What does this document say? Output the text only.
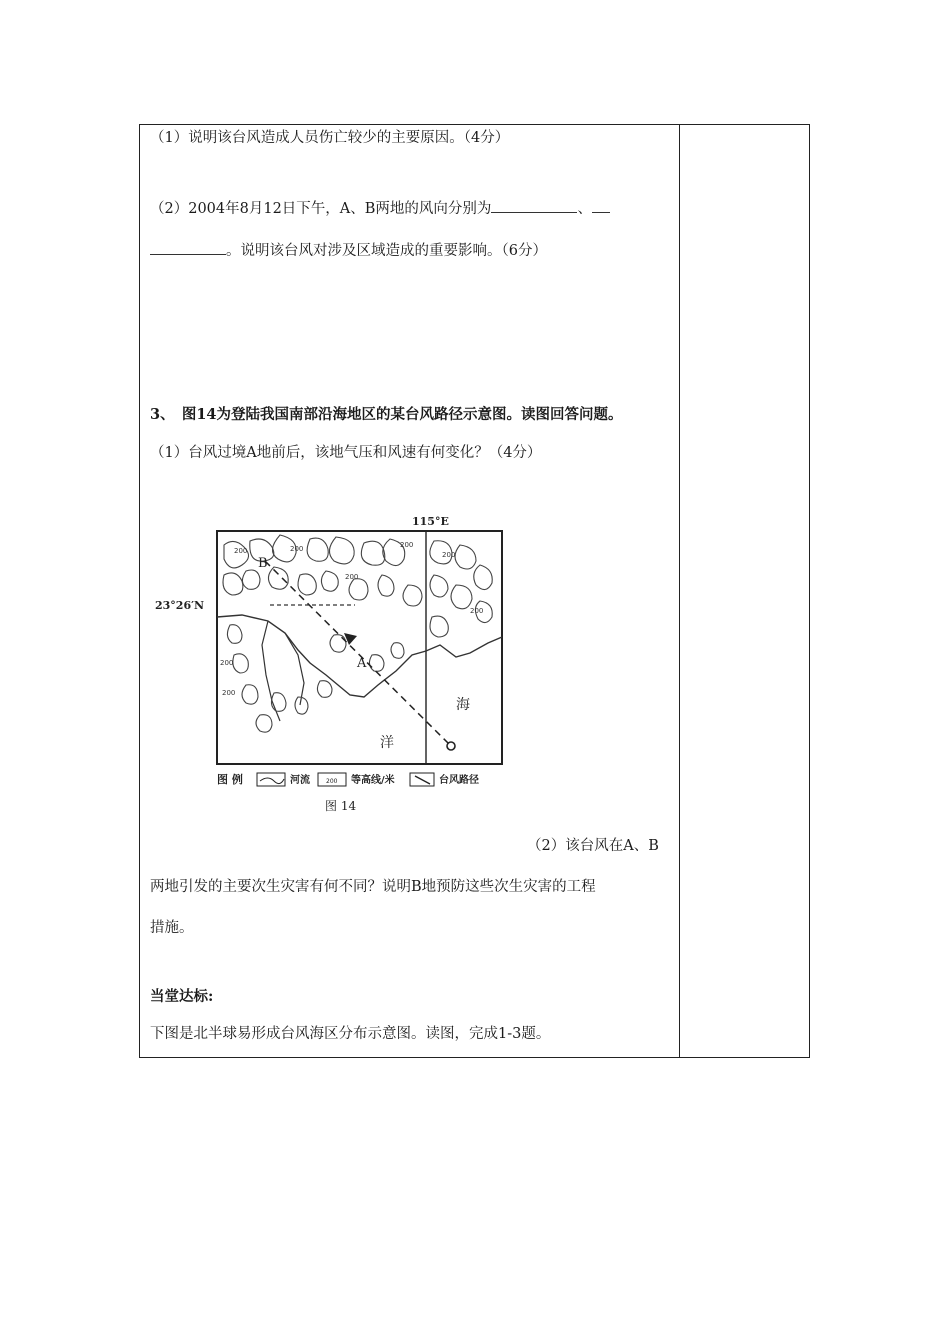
（1）说明该台风造成人员伤亡较少的主要原因。（4分）
（2）2004年8月12日下午，A、B两地的风向分别为	、
。说明该台风对涉及区域造成的重要影响。（6分）
3、　图14为登陆我国南部沿海地区的某台风路径示意图。读图回答问题。
（1）台风过境A地前后，该地气压和风速有何变化？（4分）
200	200
200
200
200
200
200
200
115°E
23°26′N
B
A
海
洋
图 例	河流	200 等高线/米	台风路径
图 14
（2）该台风在A、B
两地引发的主要次生灾害有何不同？说明B地预防这些次生灾害的工程
措施。
当堂达标:
下图是北半球易形成台风海区分布示意图。读图，完成1-3题。
